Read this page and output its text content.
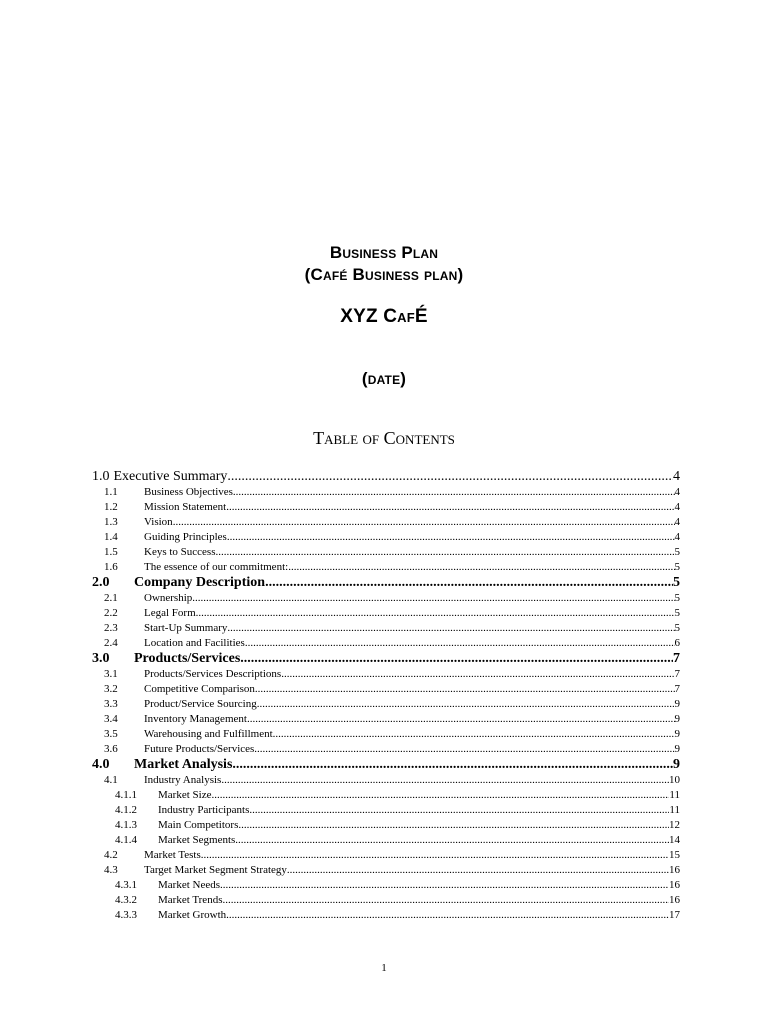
Business Plan
(Café Business plan)
XYZ CafÉ
(date)
Table of Contents
1.0 Executive Summary .....	4
1.1	Business Objectives .....	4
1.2	Mission Statement .....	4
1.3	Vision .....	4
1.4	Guiding Principles .....	4
1.5	Keys to Success .....	5
1.6	The essence of our commitment: .....	5
2.0	Company Description .....	5
2.1	Ownership .....	5
2.2	Legal Form .....	5
2.3	Start-Up Summary .....	5
2.4	Location and Facilities .....	6
3.0	Products/Services .....	7
3.1	Products/Services Descriptions .....	7
3.2	Competitive Comparison .....	7
3.3	Product/Service Sourcing .....	9
3.4	Inventory Management .....	9
3.5	Warehousing and Fulfillment .....	9
3.6	Future Products/Services .....	9
4.0	Market Analysis .....	9
4.1	Industry Analysis .....	10
4.1.1	Market Size .....	11
4.1.2	Industry Participants .....	11
4.1.3	Main Competitors .....	12
4.1.4	Market Segments .....	14
4.2	Market Tests .....	15
4.3	Target Market Segment Strategy .....	16
4.3.1	Market Needs .....	16
4.3.2	Market Trends .....	16
4.3.3	Market Growth .....	17
1
